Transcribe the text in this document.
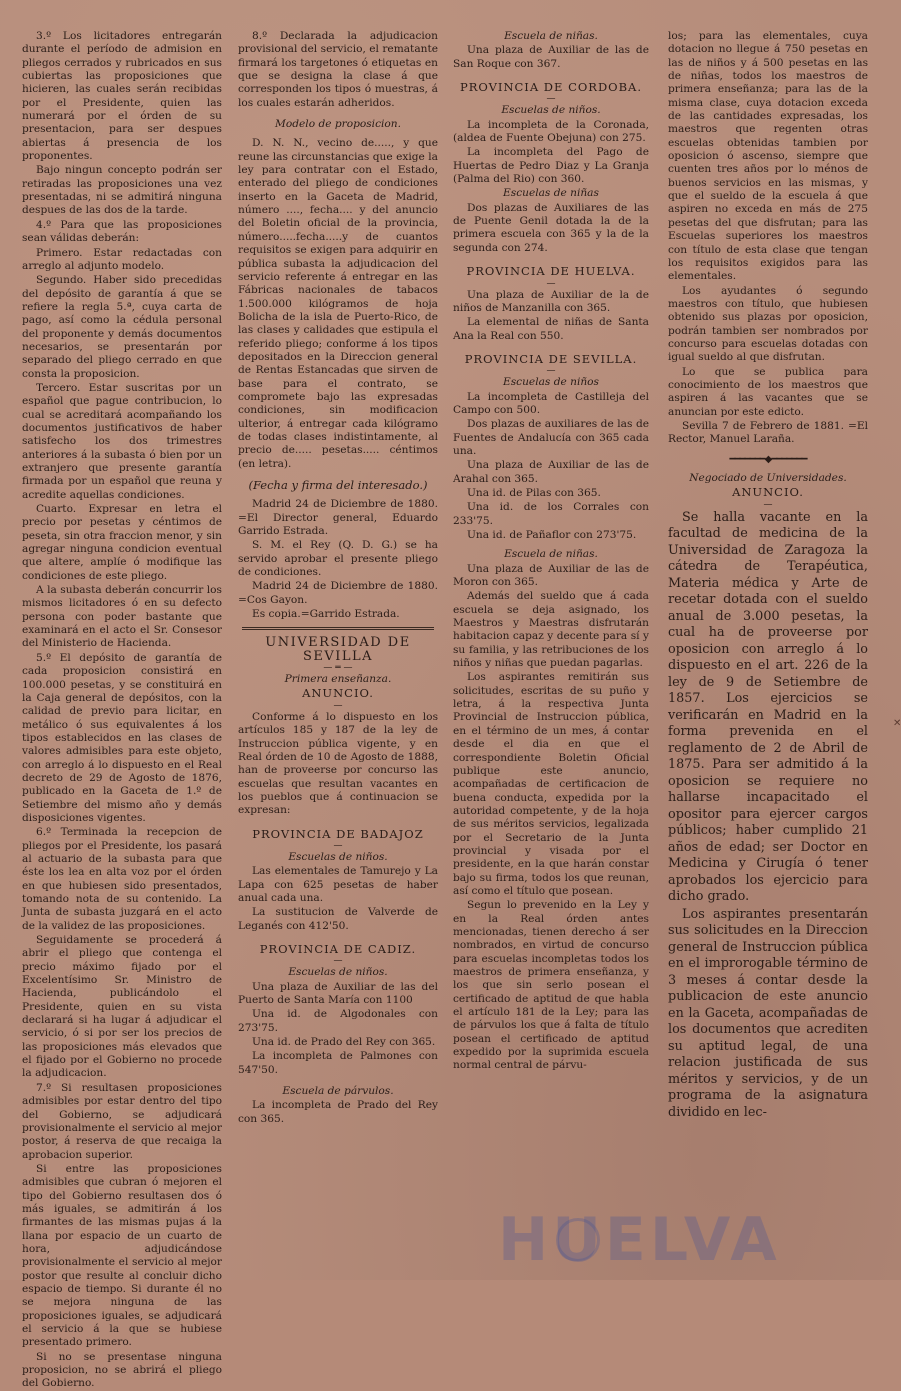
3.º Los licitadores entregarán durante el período de admision en pliegos cerrados y rubricados en sus cubiertas las proposiciones que hicieren, las cuales serán recibidas por el Presidente, quien las numerará por el órden de su presentacion, para ser despues abiertas á presencia de los proponentes.

Bajo ningun concepto podrán ser retiradas las proposiciones una vez presentadas, ni se admitirá ninguna despues de las dos de la tarde.

4.º Para que las proposiciones sean válidas deberán:

Primero. Estar redactadas con arreglo al adjunto modelo.

Segundo. Haber sido precedidas del depósito de garantía á que se refiere la regla 5.ª, cuya carta de pago, así como la cédula personal del proponente y demás documentos necesarios, se presentarán por separado del pliego cerrado en que consta la proposicion.

Tercero. Estar suscritas por un español que pague contribucion, lo cual se acreditará acompañando los documentos justificativos de haber satisfecho los dos trimestres anteriores á la subasta ó bien por un extranjero que presente garantía firmada por un español que reuna y acredite aquellas condiciones.

Cuarto. Expresar en letra el precio por pesetas y céntimos de peseta, sin otra fraccion menor, y sin agregar ninguna condicion eventual que altere, amplíe ó modifique las condiciones de este pliego.

A la subasta deberán concurrir los mismos licitadores ó en su defecto persona con poder bastante que examinará en el acto el Sr. Consesor del Ministerio de Hacienda.

5.º El depósito de garantía de cada proposicion consistirá en 100.000 pesetas, y se constituirá en la Caja general de depósitos, con la calidad de previo para licitar, en metálico ó sus equivalentes á los tipos establecidos en las clases de valores admisibles para este objeto, con arreglo á lo dispuesto en el Real decreto de 29 de Agosto de 1876, publicado en la Gaceta de 1.º de Setiembre del mismo año y demás disposiciones vigentes.

6.º Terminada la recepcion de pliegos por el Presidente, los pasará al actuario de la subasta para que éste los lea en alta voz por el órden en que hubiesen sido presentados, tomando nota de su contenido. La Junta de subasta juzgará en el acto de la validez de las proposiciones.

Seguidamente se procederá á abrir el pliego que contenga el precio máximo fijado por el Excelentísimo Sr. Ministro de Hacienda, publicándolo el Presidente, quien en su vista declarará si ha lugar á adjudicar el servicio, ó si por ser los precios de las proposiciones más elevados que el fijado por el Gobierno no procede la adjudicacion.

7.º Si resultasen proposiciones admisibles por estar dentro del tipo del Gobierno, se adjudicará provisionalmente el servicio al mejor postor, á reserva de que recaiga la aprobacion superior.

Si entre las proposiciones admisibles que cubran ó mejoren el tipo del Gobierno resultasen dos ó más iguales, se admitirán á los firmantes de las mismas pujas á la llana por espacio de un cuarto de hora, adjudicándose provisionalmente el servicio al mejor postor que resulte al concluir dicho espacio de tiempo. Si durante él no se mejora ninguna de las proposiciones iguales, se adjudicará el servicio á la que se hubiese presentado primero.

Si no se presentase ninguna proposicion, no se abrirá el pliego del Gobierno.

8.º Declarada la adjudicacion provisional del servicio, el rematante firmará los targetones ó etiquetas en que se designa la clase á que corresponden los tipos ó muestras, á los cuales estarán adheridos.

Modelo de proposicion.

D. N. N., vecino de....., y que reune las circunstancias que exige la ley para contratar con el Estado, enterado del pliego de condiciones inserto en la Gaceta de Madrid, número ...., fecha.... y del anuncio del Boletin oficial de la provincia, número.....fecha.....y de cuantos requisitos se exigen para adquirir en pública subasta la adjudicacion del servicio referente á entregar en las Fábricas nacionales de tabacos 1.500.000 kilógramos de hoja Bolicha de la isla de Puerto-Rico, de las clases y calidades que estipula el referido pliego; conforme á los tipos depositados en la Direccion general de Rentas Estancadas que sirven de base para el contrato, se compromete bajo las expresadas condiciones, sin modificacion ulterior, á entregar cada kilógramo de todas clases indistintamente, al precio de..... pesetas..... céntimos (en letra).

(Fecha y firma del interesado.)

Madrid 24 de Diciembre de 1880. =El Director general, Eduardo Garrido Estrada.

S. M. el Rey (Q. D. G.) se ha servido aprobar el presente pliego de condiciones.

Madrid 24 de Diciembre de 1880. =Cos Gayon.

Es copia.=Garrido Estrada.

UNIVERSIDAD DE SEVILLA

— ═ —

Primera enseñanza.

ANUNCIO.

—

Conforme á lo dispuesto en los artículos 185 y 187 de la ley de Instruccion pública vigente, y en Real órden de 10 de Agosto de 1888, han de proveerse por concurso las escuelas que resultan vacantes en los pueblos que á continuacion se expresan:

PROVINCIA DE BADAJOZ

—

Escuelas de niños.

Las elementales de Tamurejo y La Lapa con 625 pesetas de haber anual cada una.

La sustitucion de Valverde de Leganés con 412'50.

PROVINCIA DE CADIZ.

—

Escuelas de niños.

Una plaza de Auxiliar de las del Puerto de Santa María con 1100

Una id. de Algodonales con 273'75.

Una id. de Prado del Rey con 365.

La incompleta de Palmones con 547'50.

Escuela de párvulos.

La incompleta de Prado del Rey con 365.

Escuela de niñas.

Una plaza de Auxiliar de las de San Roque con 367.

PROVINCIA DE CORDOBA.

—

Escuelas de niños.

La incompleta de la Coronada, (aldea de Fuente Obejuna) con 275.

La incompleta del Pago de Huertas de Pedro Diaz y La Granja (Palma del Rio) con 360.

Escuelas de niñas

Dos plazas de Auxiliares de las de Puente Genil dotada la de la primera escuela con 365 y la de la segunda con 274.

PROVINCIA DE HUELVA.

—

Una plaza de Auxiliar de la de niños de Manzanilla con 365.

La elemental de niñas de Santa Ana la Real con 550.

PROVINCIA DE SEVILLA.

—

Escuelas de niños

La incompleta de Castilleja del Campo con 500.

Dos plazas de auxiliares de las de Fuentes de Andalucía con 365 cada una.

Una plaza de Auxiliar de las de Arahal con 365.

Una id. de Pilas con 365.

Una id. de los Corrales con 233'75.

Una id. de Pañaflor con 273'75.

Escuela de niñas.

Una plaza de Auxiliar de las de Moron con 365.

Además del sueldo que á cada escuela se deja asignado, los Maestros y Maestras disfrutarán habitacion capaz y decente para sí y su familia, y las retribuciones de los niños y niñas que puedan pagarlas.

Los aspirantes remitirán sus solicitudes, escritas de su puño y letra, á la respectiva Junta Provincial de Instruccion pública, en el término de un mes, á contar desde el dia en que el correspondiente Boletin Oficial publique este anuncio, acompañadas de certificacion de buena conducta, expedida por la autoridad competente, y de la hoja de sus méritos servicios, legalizada por el Secretario de la Junta provincial y visada por el presidente, en la que harán constar bajo su firma, todos los que reunan, así como el título que posean.

Segun lo prevenido en la Ley y en la Real órden antes mencionadas, tienen derecho á ser nombrados, en virtud de concurso para escuelas incompletas todos los maestros de primera enseñanza, y los que sin serlo posean el certificado de aptitud de que habla el artículo 181 de la Ley; para las de párvulos los que á falta de título posean el certificado de aptitud expedido por la suprimida escuela normal central de párvu-

los; para las elementales, cuya dotacion no llegue á 750 pesetas en las de niños y á 500 pesetas en las de niñas, todos los maestros de primera enseñanza; para las de la misma clase, cuya dotacion exceda de las cantidades expresadas, los maestros que regenten otras escuelas obtenidas tambien por oposicion ó ascenso, siempre que cuenten tres años por lo ménos de buenos servicios en las mismas, y que el sueldo de la escuela á que aspiren no exceda en más de 275 pesetas del que disfrutan; para las Escuelas superiores los maestros con título de esta clase que tengan los requisitos exigidos para las elementales.

Los ayudantes ó segundo maestros con título, que hubiesen obtenido sus plazas por oposicion, podrán tambien ser nombrados por concurso para escuelas dotadas con igual sueldo al que disfrutan.

Lo que se publica para conocimiento de los maestros que aspiren á las vacantes que se anuncian por este edicto.

Sevilla 7 de Febrero de 1881. =El Rector, Manuel Laraña.

━━━━━━━◆━━━━━━━

Negociado de Universidades.

ANUNCIO.

—

Se halla vacante en la facultad de medicina de la Universidad de Zaragoza la cátedra de Terapéutica, Materia médica y Arte de recetar dotada con el sueldo anual de 3.000 pesetas, la cual ha de proveerse por oposicion con arreglo á lo dispuesto en el art. 226 de la ley de 9 de Setiembre de 1857. Los ejercicios se verificarán en Madrid en la forma prevenida en el reglamento de 2 de Abril de 1875. Para ser admitido á la oposicion se requiere no hallarse incapacitado el opositor para ejercer cargos públicos; haber cumplido 21 años de edad; ser Doctor en Medicina y Cirugía ó tener aprobados los ejercicio para dicho grado.

Los aspirantes presentarán sus solicitudes en la Direccion general de Instruccion pública en el improrogable término de 3 meses á contar desde la publicacion de este anuncio en la Gaceta, acompañadas de los documentos que acrediten su aptitud legal, de una relacion justificada de sus méritos y servicios, y de un programa de la asignatura dividido en lec-

HUELVA
✕
